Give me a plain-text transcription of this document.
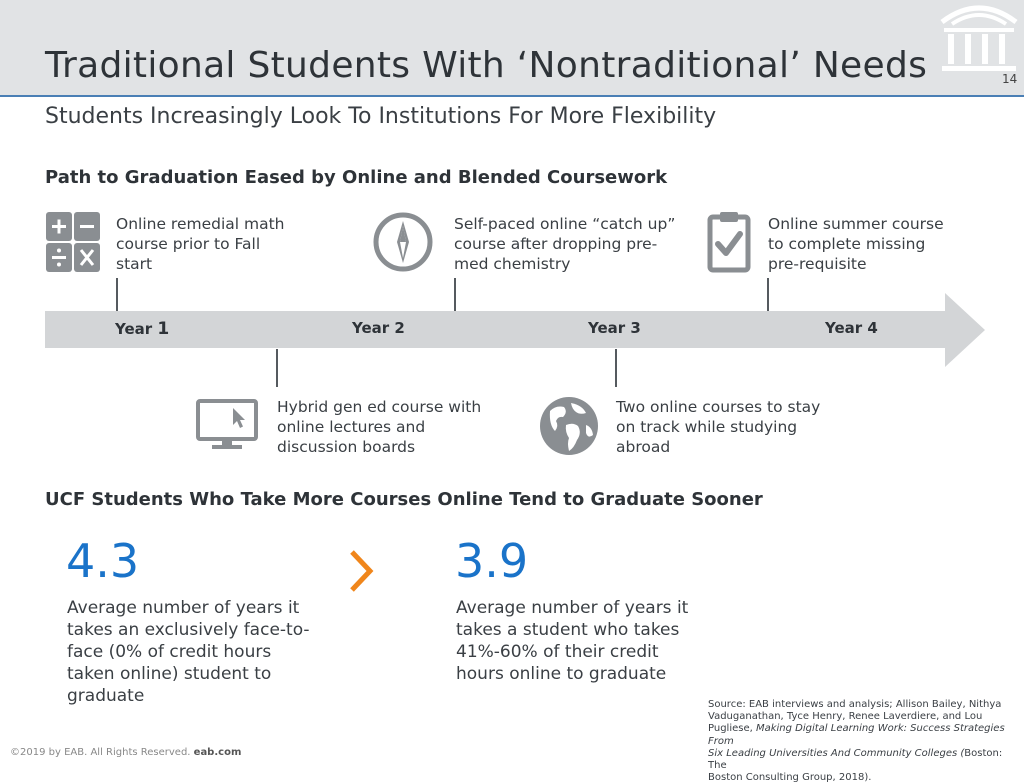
Traditional Students With ‘Nontraditional’ Needs	14
Students Increasingly Look To Institutions For More Flexibility
Path to Graduation Eased by Online and Blended Coursework
Online remedial math
course prior to Fall
start
Self-paced online “catch up”
course after dropping pre-
med chemistry
Online summer course
to complete missing
pre-requisite
Year 1	Year 2	Year 3	Year 4
Hybrid gen ed course with
online lectures and
discussion boards
Two online courses to stay
on track while studying
abroad
UCF Students Who Take More Courses Online Tend to Graduate Sooner
4.3
Average number of years it
takes an exclusively face-to-
face (0% of credit hours
taken online) student to
graduate
3.9
Average number of years it
takes a student who takes
41%-60% of their credit
hours online to graduate
Source: EAB interviews and analysis; Allison Bailey, Nithya
Vaduganathan, Tyce Henry, Renee Laverdiere, and Lou
Pugliese, Making Digital Learning Work: Success Strategies From
Six Leading Universities And Community Colleges (Boston: The
Boston Consulting Group, 2018).
©2019 by EAB. All Rights Reserved. eab.com
